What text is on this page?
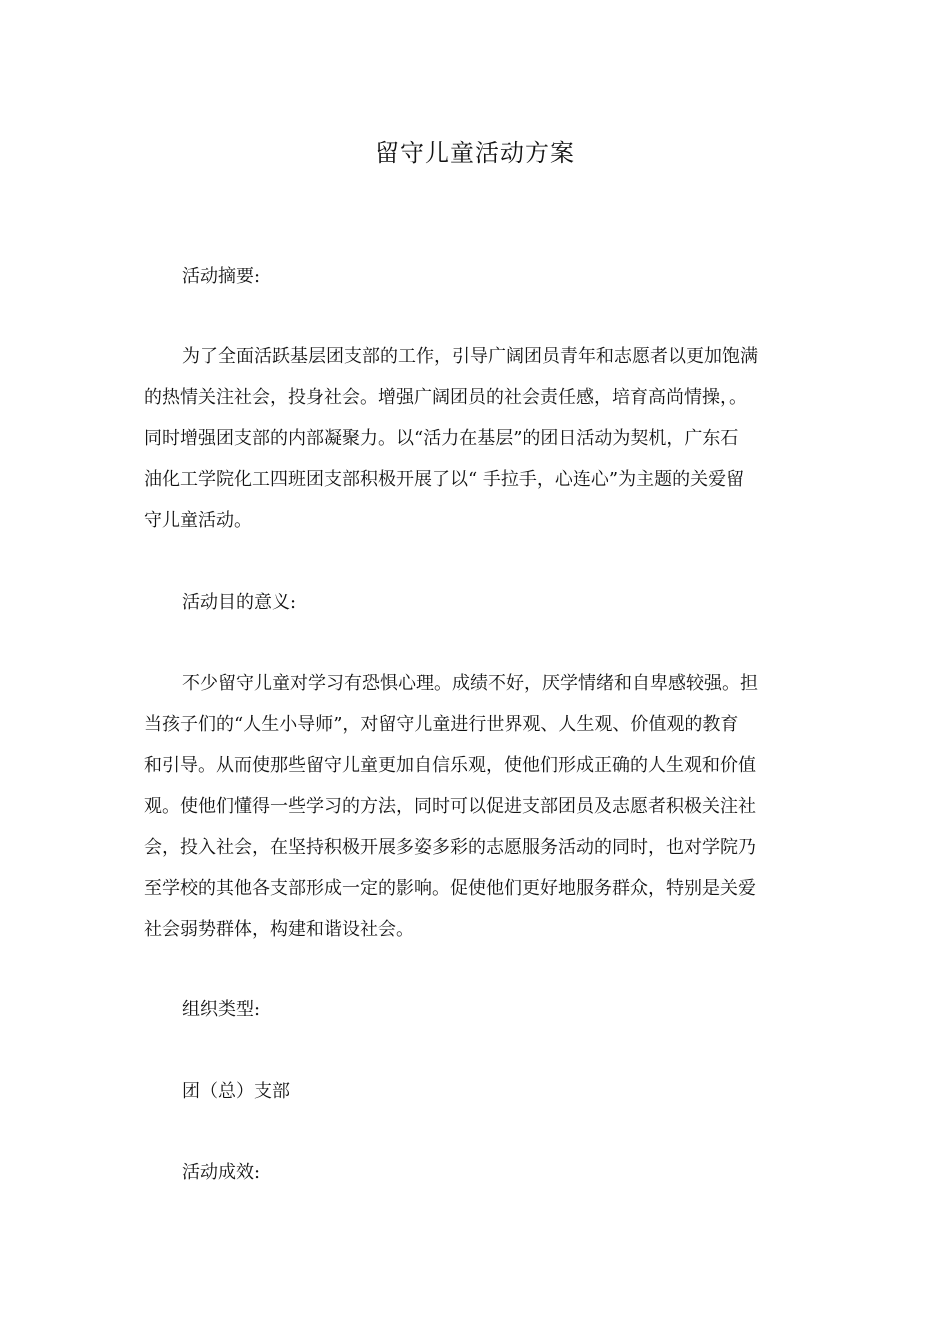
留守儿童活动方案
活动摘要:
为了全面活跃基层团支部的工作，引导广阔团员青年和志愿者以更加饱满
的热情关注社会，投身社会。增强广阔团员的社会责任感，培育高尚情操，。
同时增强团支部的内部凝聚力。以“活力在基层”的团日活动为契机，广东石
油化工学院化工四班团支部积极开展了以“ 手拉手，心连心”为主题的关爱留
守儿童活动。
活动目的意义:
不少留守儿童对学习有恐惧心理。成绩不好，厌学情绪和自卑感较强。担
当孩子们的“人生小导师”，对留守儿童进行世界观、人生观、价值观的教育
和引导。从而使那些留守儿童更加自信乐观，使他们形成正确的人生观和价值
观。使他们懂得一些学习的方法，同时可以促进支部团员及志愿者积极关注社
会，投入社会，在坚持积极开展多姿多彩的志愿服务活动的同时，也对学院乃
至学校的其他各支部形成一定的影响。促使他们更好地服务群众，特别是关爱
社会弱势群体，构建和谐设社会。
组织类型:
团（总）支部
活动成效:
